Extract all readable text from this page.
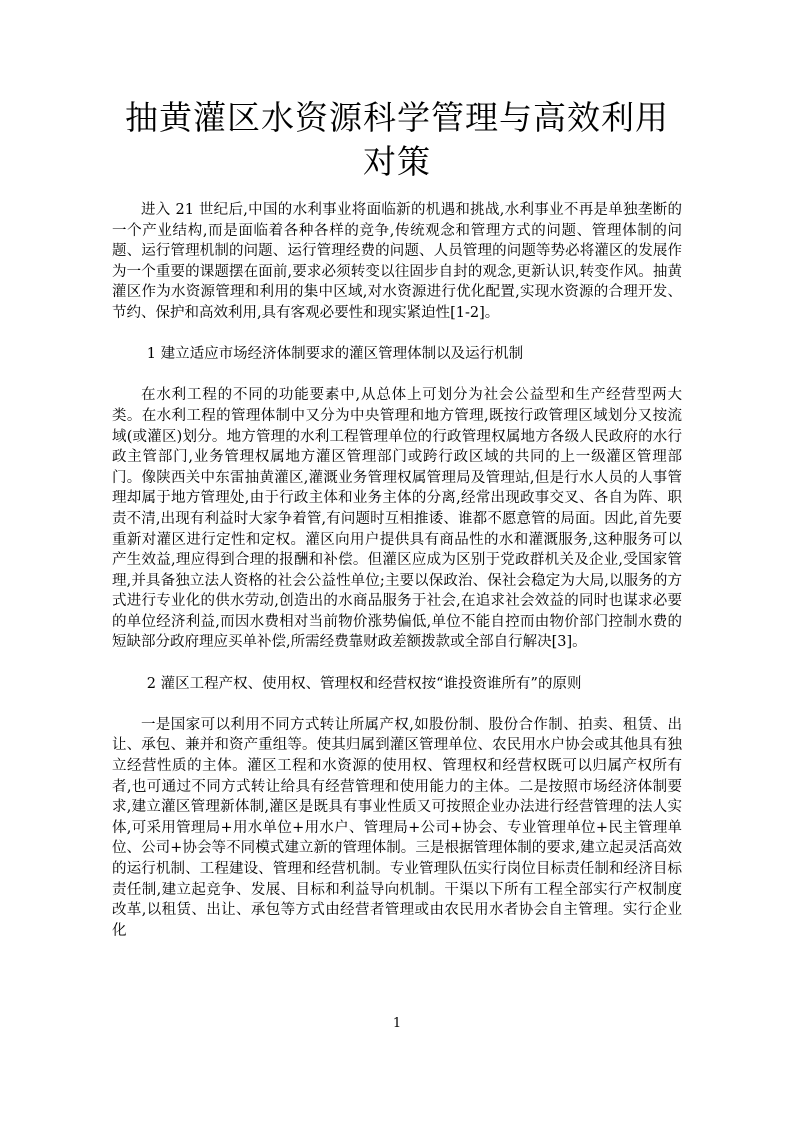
抽黄灌区水资源科学管理与高效利用对策

进入 21 世纪后,中国的水利事业将面临新的机遇和挑战,水利事业不再是单独垄断的一个产业结构,而是面临着各种各样的竞争,传统观念和管理方式的问题、管理体制的问题、运行管理机制的问题、运行管理经费的问题、人员管理的问题等势必将灌区的发展作为一个重要的课题摆在面前,要求必须转变以往固步自封的观念,更新认识,转变作风。抽黄灌区作为水资源管理和利用的集中区域,对水资源进行优化配置,实现水资源的合理开发、节约、保护和高效利用,具有客观必要性和现实紧迫性[1-2]。

1 建立适应市场经济体制要求的灌区管理体制以及运行机制

在水利工程的不同的功能要素中,从总体上可划分为社会公益型和生产经营型两大类。在水利工程的管理体制中又分为中央管理和地方管理,既按行政管理区域划分又按流域(或灌区)划分。地方管理的水利工程管理单位的行政管理权属地方各级人民政府的水行政主管部门,业务管理权属地方灌区管理部门或跨行政区域的共同的上一级灌区管理部门。像陕西关中东雷抽黄灌区,灌溉业务管理权属管理局及管理站,但是行水人员的人事管理却属于地方管理处,由于行政主体和业务主体的分离,经常出现政事交叉、各自为阵、职责不清,出现有利益时大家争着管,有问题时互相推诿、谁都不愿意管的局面。因此,首先要重新对灌区进行定性和定权。灌区向用户提供具有商品性的水和灌溉服务,这种服务可以产生效益,理应得到合理的报酬和补偿。但灌区应成为区别于党政群机关及企业,受国家管理,并具备独立法人资格的社会公益性单位;主要以保政治、保社会稳定为大局,以服务的方式进行专业化的供水劳动,创造出的水商品服务于社会,在追求社会效益的同时也谋求必要的单位经济利益,而因水费相对当前物价涨势偏低,单位不能自控而由物价部门控制水费的短缺部分政府理应买单补偿,所需经费靠财政差额拨款或全部自行解决[3]。

2 灌区工程产权、使用权、管理权和经营权按“谁投资谁所有”的原则

一是国家可以利用不同方式转让所属产权,如股份制、股份合作制、拍卖、租赁、出让、承包、兼并和资产重组等。使其归属到灌区管理单位、农民用水户协会或其他具有独立经营性质的主体。灌区工程和水资源的使用权、管理权和经营权既可以归属产权所有者,也可通过不同方式转让给具有经营管理和使用能力的主体。二是按照市场经济体制要求,建立灌区管理新体制,灌区是既具有事业性质又可按照企业办法进行经营管理的法人实体,可采用管理局+用水单位+用水户、管理局+公司+协会、专业管理单位+民主管理单位、公司+协会等不同模式建立新的管理体制。三是根据管理体制的要求,建立起灵活高效的运行机制、工程建设、管理和经营机制。专业管理队伍实行岗位目标责任制和经济目标责任制,建立起竞争、发展、目标和利益导向机制。干渠以下所有工程全部实行产权制度改革,以租赁、出让、承包等方式由经营者管理或由农民用水者协会自主管理。实行企业化

1
